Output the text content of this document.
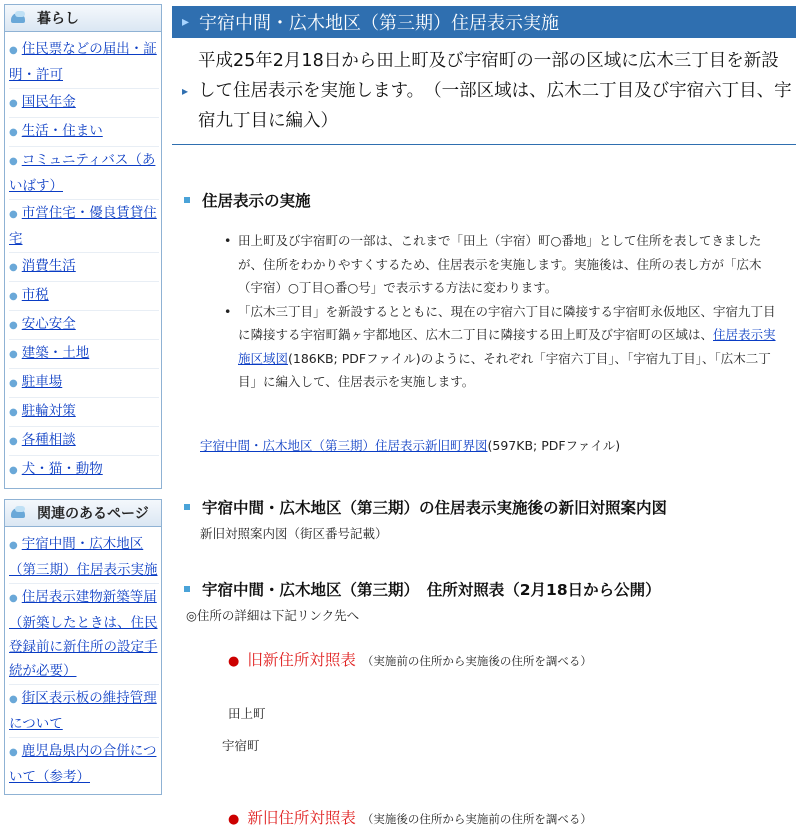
暮らし
● 住民票などの届出・証明・許可
● 国民年金
● 生活・住まい
● コミュニティバス（あいばす）
● 市営住宅・優良賃貸住宅
● 消費生活
● 市税
● 安心安全
● 建築・土地
● 駐車場
● 駐輪対策
● 各種相談
● 犬・猫・動物
関連のあるページ
● 宇宿中間・広木地区（第三期）住居表示実施
● 住居表示建物新築等届（新築したときは、住民登録前に新住所の設定手続が必要）
● 街区表示板の維持管理について
● 鹿児島県内の合併について（参考）
▸ 宇宿中間・広木地区（第三期）住居表示実施
▸

平成25年2月18日から田上町及び宇宿町の一部の区域に広木三丁目を新設して住居表示を実施します。　（一部区域は、広木二丁目及び宇宿六丁目、宇宿九丁目に編入）

住居表示の実施
• 田上町及び宇宿町の一部は、これまで「田上（宇宿）町○番地」として住所を表してきましたが、住所をわかりやすくするため、住居表示を実施します。実施後は、住所の表し方が「広木（宇宿）○丁目○番○号」で表示する方法に変わります。
• 「広木三丁目」を新設するとともに、現在の宇宿六丁目に隣接する宇宿町永仮地区、宇宿九丁目に隣接する宇宿町鍋ヶ宇都地区、広木二丁目に隣接する田上町及び宇宿町の区域は、住居表示実施区域図(186KB; PDFファイル)のように、それぞれ「宇宿六丁目」、「宇宿九丁目」、「広木二丁目」に編入して、住居表示を実施します。
宇宿中間・広木地区（第三期）住居表示新旧町界図(597KB; PDFファイル)
宇宿中間・広木地区（第三期）の住居表示実施後の新旧対照案内図
新旧対照案内図（街区番号記載）
宇宿中間・広木地区（第三期）　住所対照表（2月18日から公開）
◎住所の詳細は下記リンク先へ
● 旧新住所対照表 （実施前の住所から実施後の住所を調べる）
田上町
宇宿町
● 新旧住所対照表 （実施後の住所から実施前の住所を調べる）
